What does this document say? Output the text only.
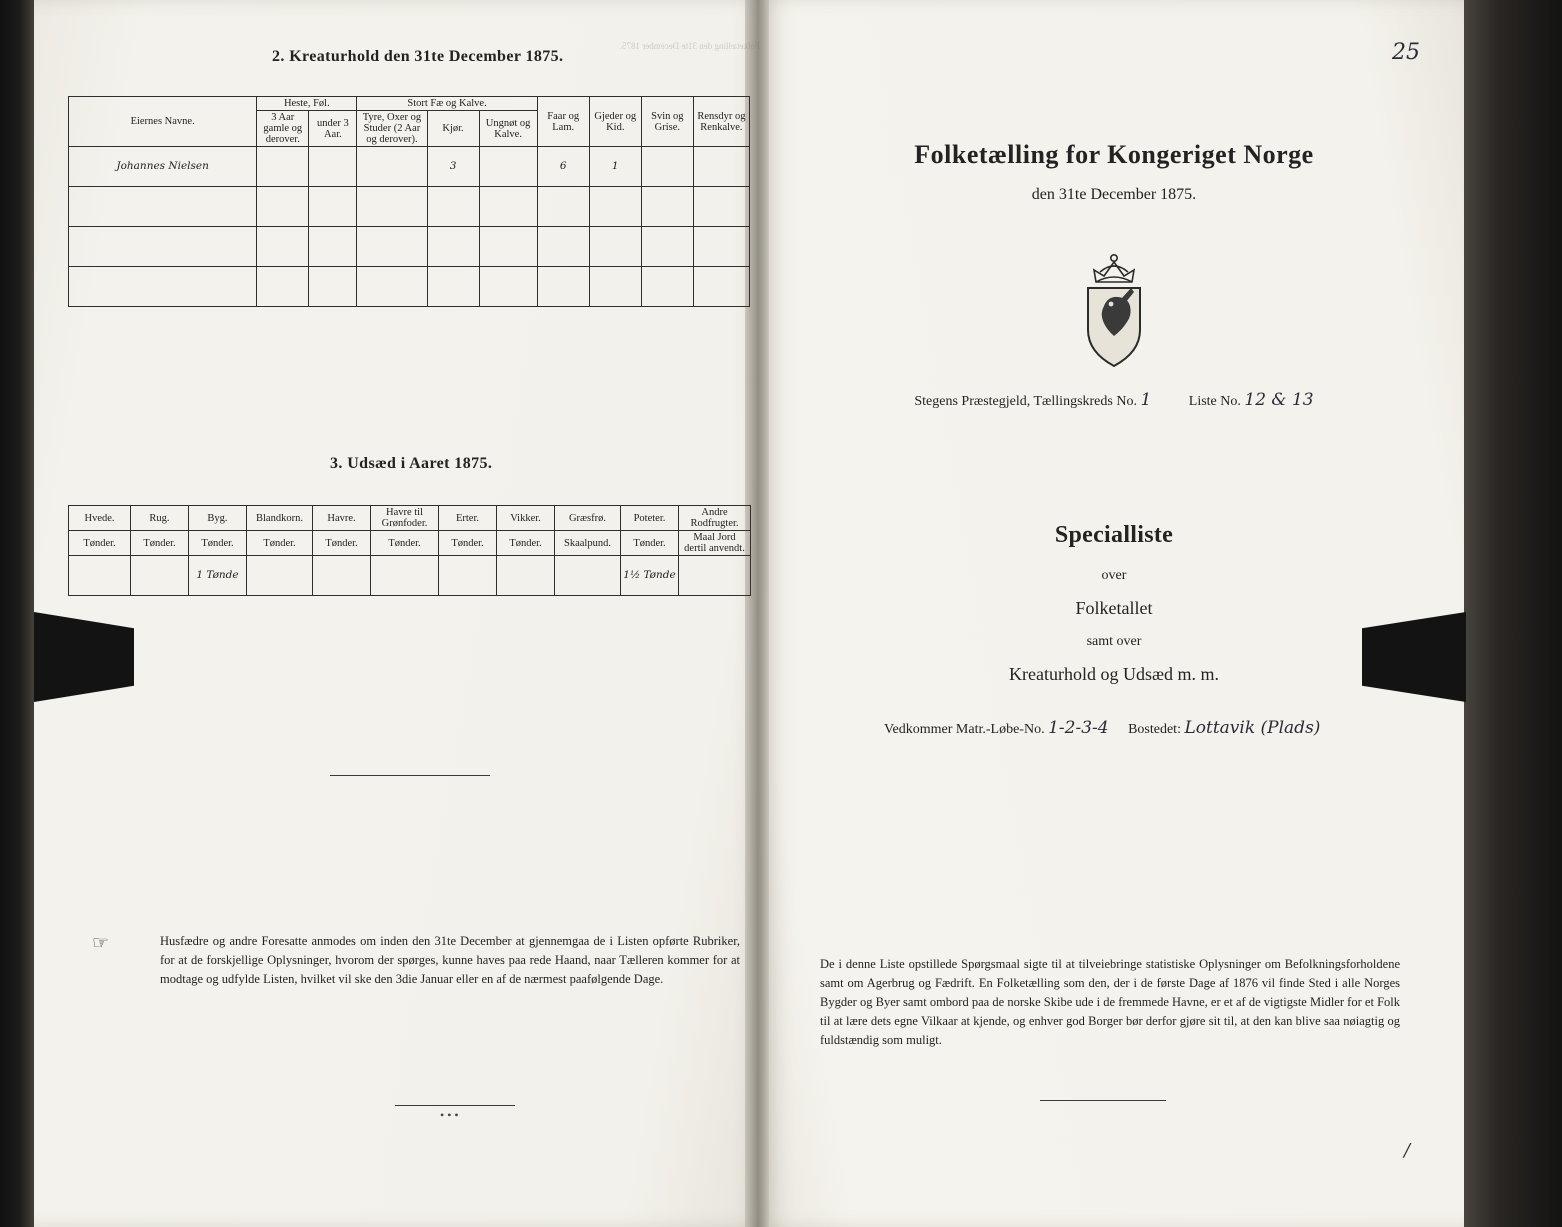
Folketælling den 31te December 1875.
2. Kreaturhold den 31te December 1875.
Eiernes Navne.	Heste, Føl.		Stort Fæ og Kalve.			Faar og Lam.	Gjeder og Kid.	Svin og Grise.	Rensdyr og Renkalve.
	3 Aar gamle og derover.	under 3 Aar.	Tyre, Oxer og Studer (2 Aar og derover).	Kjør.	Ungnøt og Kalve.				
Johannes Nielsen				3		6	1		

3. Udsæd i Aaret 1875.
Hvede.	Rug.	Byg.	Blandkorn.	Havre.	Havre til Grønfoder.	Erter.	Vikker.	Græsfrø.	Poteter.	Andre Rodfrugter.
Tønder.	Tønder.	Tønder.	Tønder.	Tønder.	Tønder.	Tønder.	Tønder.	Skaalpund.	Tønder.	Maal Jord dertil anvendt.
		1 Tønde							1½ Tønde	
• • •
☞	Husfædre og andre Foresatte anmodes om inden den 31te December at gjennemgaa de i Listen opførte Rubriker, for at de forskjellige Oplysninger, hvorom der spørges, kunne haves paa rede Haand, naar Tælleren kommer for at modtage og udfylde Listen, hvilket vil ske den 3die Januar eller en af de nærmest paafølgende Dage.
25
Folketælling for Kongeriget Norge
den 31te December 1875.
Stegens Præstegjeld, Tællingskreds No. 1	Liste No. 12 & 13
Specialliste
over
Folketallet
samt over
Kreaturhold og Udsæd m. m.
Vedkommer Matr.-Løbe-No. 1-2-3-4 Bostedet: Lottavik (Plads)
De i denne Liste opstillede Spørgsmaal sigte til at tilveiebringe statistiske Oplysninger om Befolkningsforholdene samt om Agerbrug og Fædrift. En Folketælling som den, der i de første Dage af 1876 vil finde Sted i alle Norges Bygder og Byer samt ombord paa de norske Skibe ude i de fremmede Havne, er et af de vigtigste Midler for et Folk til at lære dets egne Vilkaar at kjende, og enhver god Borger bør derfor gjøre sit til, at den kan blive saa nøiagtig og fuldstændig som muligt.
/
